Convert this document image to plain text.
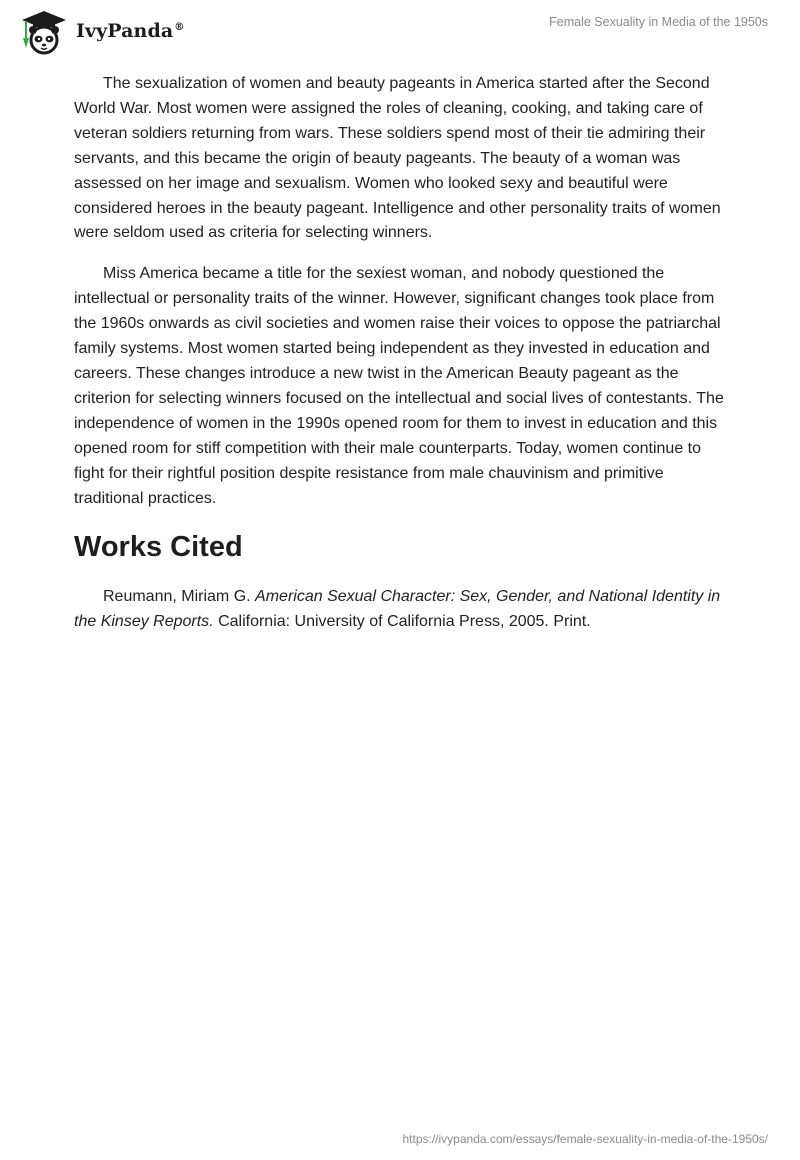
IvyPanda®	Female Sexuality in Media of the 1950s

The sexualization of women and beauty pageants in America started after the Second World War. Most women were assigned the roles of cleaning, cooking, and taking care of veteran soldiers returning from wars. These soldiers spend most of their tie admiring their servants, and this became the origin of beauty pageants. The beauty of a woman was assessed on her image and sexualism. Women who looked sexy and beautiful were considered heroes in the beauty pageant. Intelligence and other personality traits of women were seldom used as criteria for selecting winners.

Miss America became a title for the sexiest woman, and nobody questioned the intellectual or personality traits of the winner. However, significant changes took place from the 1960s onwards as civil societies and women raise their voices to oppose the patriarchal family systems. Most women started being independent as they invested in education and careers. These changes introduce a new twist in the American Beauty pageant as the criterion for selecting winners focused on the intellectual and social lives of contestants. The independence of women in the 1990s opened room for them to invest in education and this opened room for stiff competition with their male counterparts. Today, women continue to fight for their rightful position despite resistance from male chauvinism and primitive traditional practices.

Works Cited

Reumann, Miriam G. American Sexual Character: Sex, Gender, and National Identity in the Kinsey Reports. California: University of California Press, 2005. Print.

https://ivypanda.com/essays/female-sexuality-in-media-of-the-1950s/
